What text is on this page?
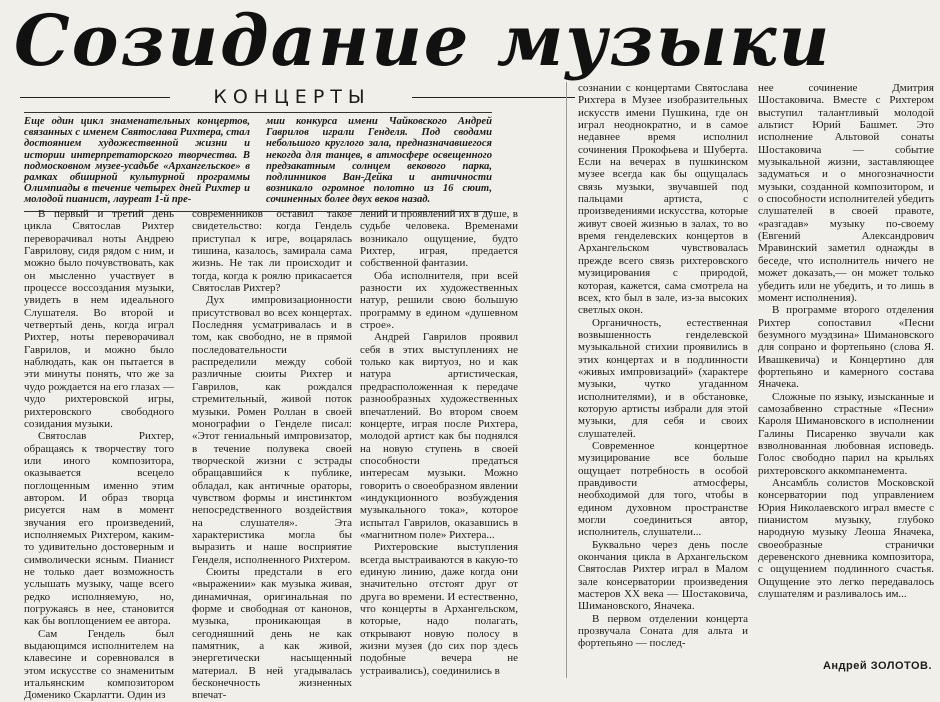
Созидание музыки
КОНЦЕРТЫ
Еще один цикл знаменательных концертов, связанных с именем Святослава Рихтера, стал достоянием художественной жизни и истории интерпретаторского творчества. В подмосковном музее-усадьбе «Архангельское» в рамках обширной культурной программы Олимпиады в течение четырех дней Рихтер и молодой пианист, лауреат 1-й пре-
мии конкурса имени Чайковского Андрей Гаврилов играли Генделя. Под сводами небольшого круглого зала, предназначавшегося некогда для танцев, в атмосфере освещенного предзакатным солнцем векового парка, подлинников Ван-Дейка и античности возникало огромное полотно из 16 сюит, сочиненных более двух веков назад.

В первый и третий день цикла Святослав Рихтер переворачивал ноты Андрею Гаврилову, сидя рядом с ним, и можно было почувствовать, как он мысленно участвует в процессе воссоздания музыки, увидеть в нем идеального Слушателя. Во второй и четвертый день, когда играл Рихтер, ноты переворачивал Гаврилов, и можно было наблюдать, как он пытается в эти минуты понять, что же за чудо рождается на его глазах — чудо рихтеровской игры, рихтеровского свободного созидания музыки.

Святослав Рихтер, обращаясь к творчеству того или иного композитора, оказывается всецело поглощенным именно этим автором. И образ творца рисуется нам в момент звучания его произведений, исполняемых Рихтером, каким-то удивительно достоверным и символически ясным. Пианист не только дает возможность услышать музыку, чаще всего редко исполняемую, но, погружаясь в нее, становится как бы воплощением ее автора.

Сам Гендель был выдающимся исполнителем на клавесине и соревновался в этом искусстве со знаменитым итальянским композитором Доменико Скарлатти. Один из

современников оставил такое свидетельство: когда Гендель приступал к игре, воцарялась тишина, казалось, замирала сама жизнь. Не так ли происходит и тогда, когда к роялю прикасается Святослав Рихтер?

Дух импровизационности присутствовал во всех концертах. Последняя усматривалась и в том, как свободно, не в прямой последовательности распределили между собой различные сюиты Рихтер и Гаврилов, как рождался стремительный, живой поток музыки. Ромен Роллан в своей монографии о Генделе писал: «Этот гениальный импровизатор, в течение полувека своей творческой жизни с эстрады обращавшийся к публике, обладал, как античные ораторы, чувством формы и инстинктом непосредственного воздействия на слушателя». Эта характеристика могла бы выразить и наше восприятие Генделя, исполненного Рихтером.

Сюиты предстали в его «выражении» как музыка живая, динамичная, оригинальная по форме и свободная от канонов, музыка, проникающая в сегодняшний день не как памятник, а как живой, энергетически насыщенный материал. В ней угадывалась бесконечность жизненных впечат-

лений и проявлений их в душе, в судьбе человека. Временами возникало ощущение, будто Рихтер, играя, предается собственной фантазии.

Оба исполнителя, при всей разности их художественных натур, решили свою большую программу в едином «душевном строе».

Андрей Гаврилов проявил себя в этих выступлениях не только как виртуоз, но и как натура артистическая, предрасположенная к передаче разнообразных художественных впечатлений. Во втором своем концерте, играя после Рихтера, молодой артист как бы поднялся на новую ступень в своей способности предаться интересам музыки. Можно говорить о своеобразном явлении «индукционного возбуждения музыкального тока», которое испытал Гаврилов, оказавшись в «магнитном поле» Рихтера...

Рихтеровские выступления всегда выстраиваются в какую-то единую линию, даже когда они значительно отстоят друг от друга во времени. И естественно, что концерты в Архангельском, которые, надо полагать, открывают новую полосу в жизни музея (до сих пор здесь подобные вечера не устраивались), соединились в

сознании с концертами Святослава Рихтера в Музее изобразительных искусств имени Пушкина, где он играл неоднократно, и в самое недавнее время исполнил сочинения Прокофьева и Шуберта. Если на вечерах в пушкинском музее всегда как бы ощущалась связь музыки, звучавшей под пальцами артиста, с произведениями искусства, которые живут своей жизнью в залах, то во время генделевских концертов в Архангельском чувствовалась прежде всего связь рихтеровского музицирования с природой, которая, кажется, сама смотрела на всех, кто был в зале, из-за высоких светлых окон.

Органичность, естественная возвышенность генделевской музыкальной стихии проявились в этих концертах и в подлинности «живых импровизаций» (характере музыки, чутко угаданном исполнителями), и в обстановке, которую артисты избрали для этой музыки, для себя и своих слушателей.

Современное концертное музицирование все больше ощущает потребность в особой правдивости атмосферы, необходимой для того, чтобы в едином духовном пространстве могли соединиться автор, исполнитель, слушатели...

Буквально через день после окончания цикла в Архангельском Святослав Рихтер играл в Малом зале консерватории произведения мастеров XX века — Шостаковича, Шимановского, Яначека.

В первом отделении концерта прозвучала Соната для альта и фортепьяно — послед-

нее сочинение Дмитрия Шостаковича. Вместе с Рихтером выступил талантливый молодой альтист Юрий Башмет. Это исполнение Альтовой сонаты Шостаковича — событие музыкальной жизни, заставляющее задуматься и о многозначности музыки, созданной композитором, и о способности исполнителей убедить слушателей в своей правоте, «разгадав» музыку по-своему (Евгений Александрович Мравинский заметил однажды в беседе, что исполнитель ничего не может доказать,— он может только убедить или не убедить, и то лишь в момент исполнения).

В программе второго отделения Рихтер сопоставил «Песни безумного муэдзина» Шимановского для сопрано и фортепьяно (слова Я. Ивашкевича) и Концертино для фортепьяно и камерного состава Яначека.

Сложные по языку, изысканные и самозабвенно страстные «Песни» Кароля Шимановского в исполнении Галины Писаренко звучали как взволнованная любовная исповедь. Голос свободно парил на крыльях рихтеровского аккомпанемента.

Ансамбль солистов Московской консерватории под управлением Юрия Николаевского играл вместе с пианистом музыку, глубоко народную музыку Леоша Яначека, своеобразные странички деревенского дневника композитора, с ощущением подлинного счастья. Ощущение это легко передавалось слушателям и разливалось им...

Андрей ЗОЛОТОВ.
